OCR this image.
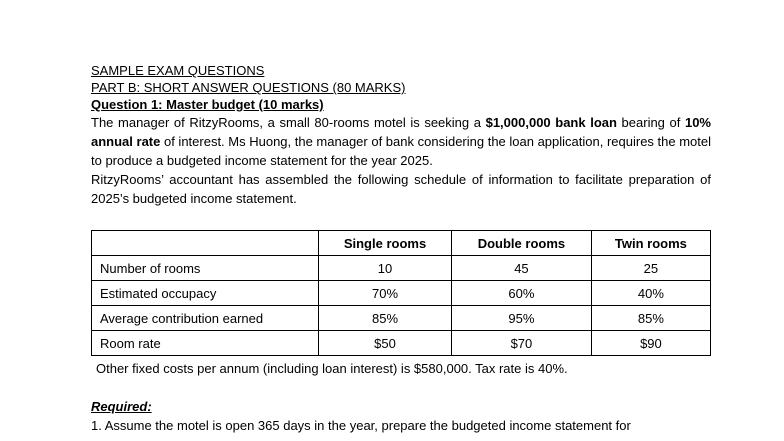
SAMPLE EXAM QUESTIONS
PART B: SHORT ANSWER QUESTIONS (80 MARKS)
Question 1: Master budget (10 marks)

The manager of RitzyRooms, a small 80-rooms motel is seeking a $1,000,000 bank loan bearing of 10% annual rate of interest. Ms Huong, the manager of bank considering the loan application, requires the motel to produce a budgeted income statement for the year 2025.

RitzyRooms’ accountant has assembled the following schedule of information to facilitate preparation of 2025’s budgeted income statement.

	Single rooms	Double rooms	Twin rooms
Number of rooms	10	45	25
Estimated occupacy	70%	60%	40%
Average contribution earned	85%	95%	85%
Room rate	$50	$70	$90
Other fixed costs per annum (including loan interest) is $580,000. Tax rate is 40%.
Required:
1. Assume the motel is open 365 days in the year, prepare the budgeted income statement for
